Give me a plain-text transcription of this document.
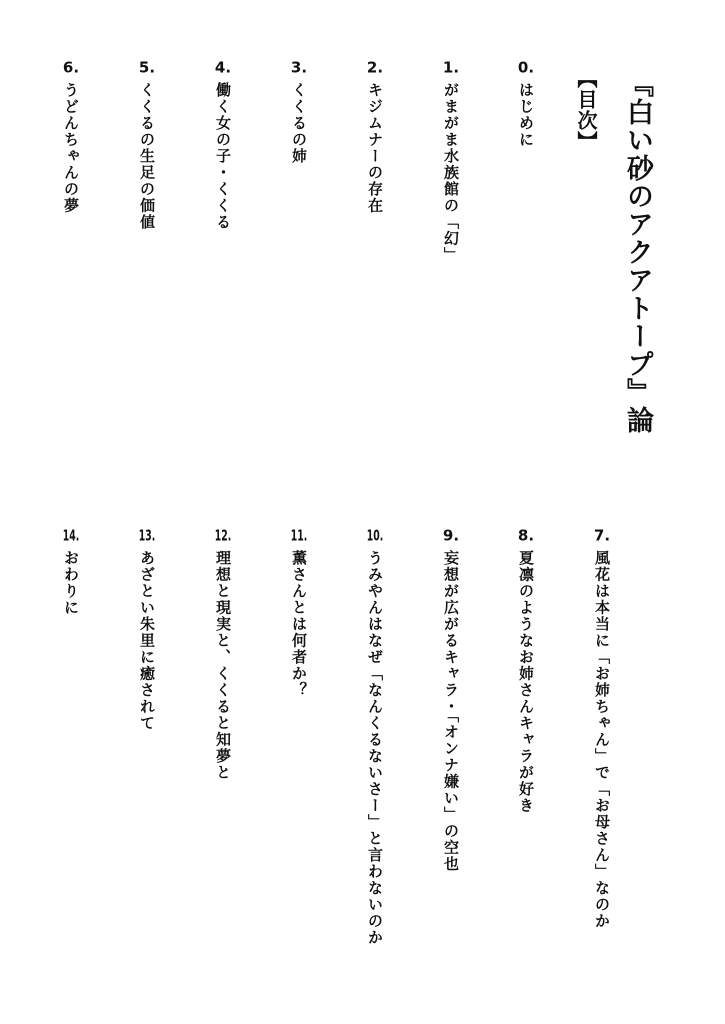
『白い砂のアクアトープ』論
【目次】
0. はじめに
1. がまがま水族館の「幻」
2. キジムナーの存在
3. くくるの姉
4. 働く女の子・くくる
5. くくるの生足の価値
6. うどんちゃんの夢
7. 風花は本当に「お姉ちゃん」で「お母さん」なのか
8. 夏凛のようなお姉さんキャラが好き
9. 妄想が広がるキャラ・「オンナ嫌い」の空也
10. うみやんはなぜ「なんくるないさー」と言わないのか
11. 薫さんとは何者か？
12. 理想と現実と、くくると知夢と
13. あざとい朱里に癒されて
14. おわりに
